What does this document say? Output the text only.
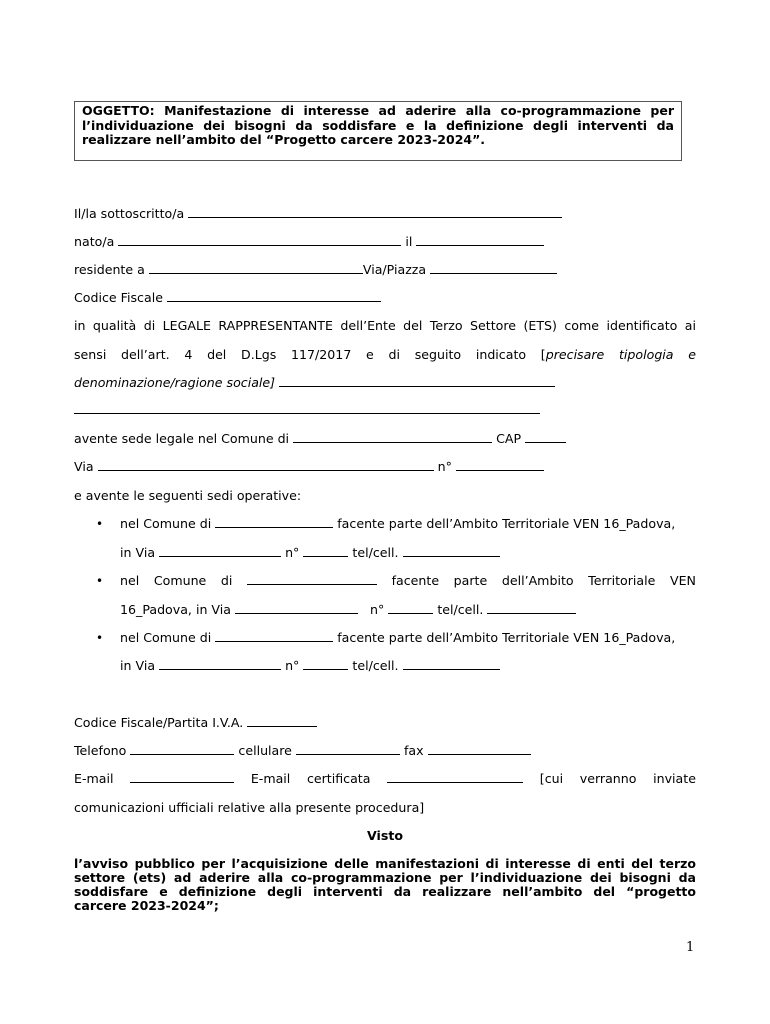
OGGETTO: Manifestazione di interesse ad aderire alla co-programmazione per
l’individuazione dei bisogni da soddisfare e la definizione degli interventi da
realizzare nell’ambito del “Progetto carcere 2023-2024”.
Il/la sottoscritto/a
nato/a	il
residente a	Via/Piazza
Codice Fiscale
in qualità di LEGALE RAPPRESENTANTE dell’Ente del Terzo Settore (ETS) come identificato ai
sensi dell’art. 4 del D.Lgs 117/2017 e di seguito indicato [precisare tipologia e
denominazione/ragione sociale]
avente sede legale nel Comune di	CAP
Via	n°
e avente le seguenti sedi operative:
• nel Comune di	facente parte dell’Ambito Territoriale VEN 16_Padova,
in Via	n°	tel/cell.
• nel Comune di	facente parte dell’Ambito Territoriale VEN
16_Padova, in Via	n°	tel/cell.
• nel Comune di	facente parte dell’Ambito Territoriale VEN 16_Padova,
in Via	n°	tel/cell.
Codice Fiscale/Partita I.V.A.
Telefono	cellulare	fax
E-mail	E-mail certificata	[cui verranno inviate
comunicazioni ufficiali relative alla presente procedura]
Visto
l’avviso pubblico per l’acquisizione delle manifestazioni di interesse di enti del terzo
settore (ets) ad aderire alla co-programmazione per l’individuazione dei bisogni da
soddisfare e definizione degli interventi da realizzare nell’ambito del “progetto
carcere 2023-2024”;
1
